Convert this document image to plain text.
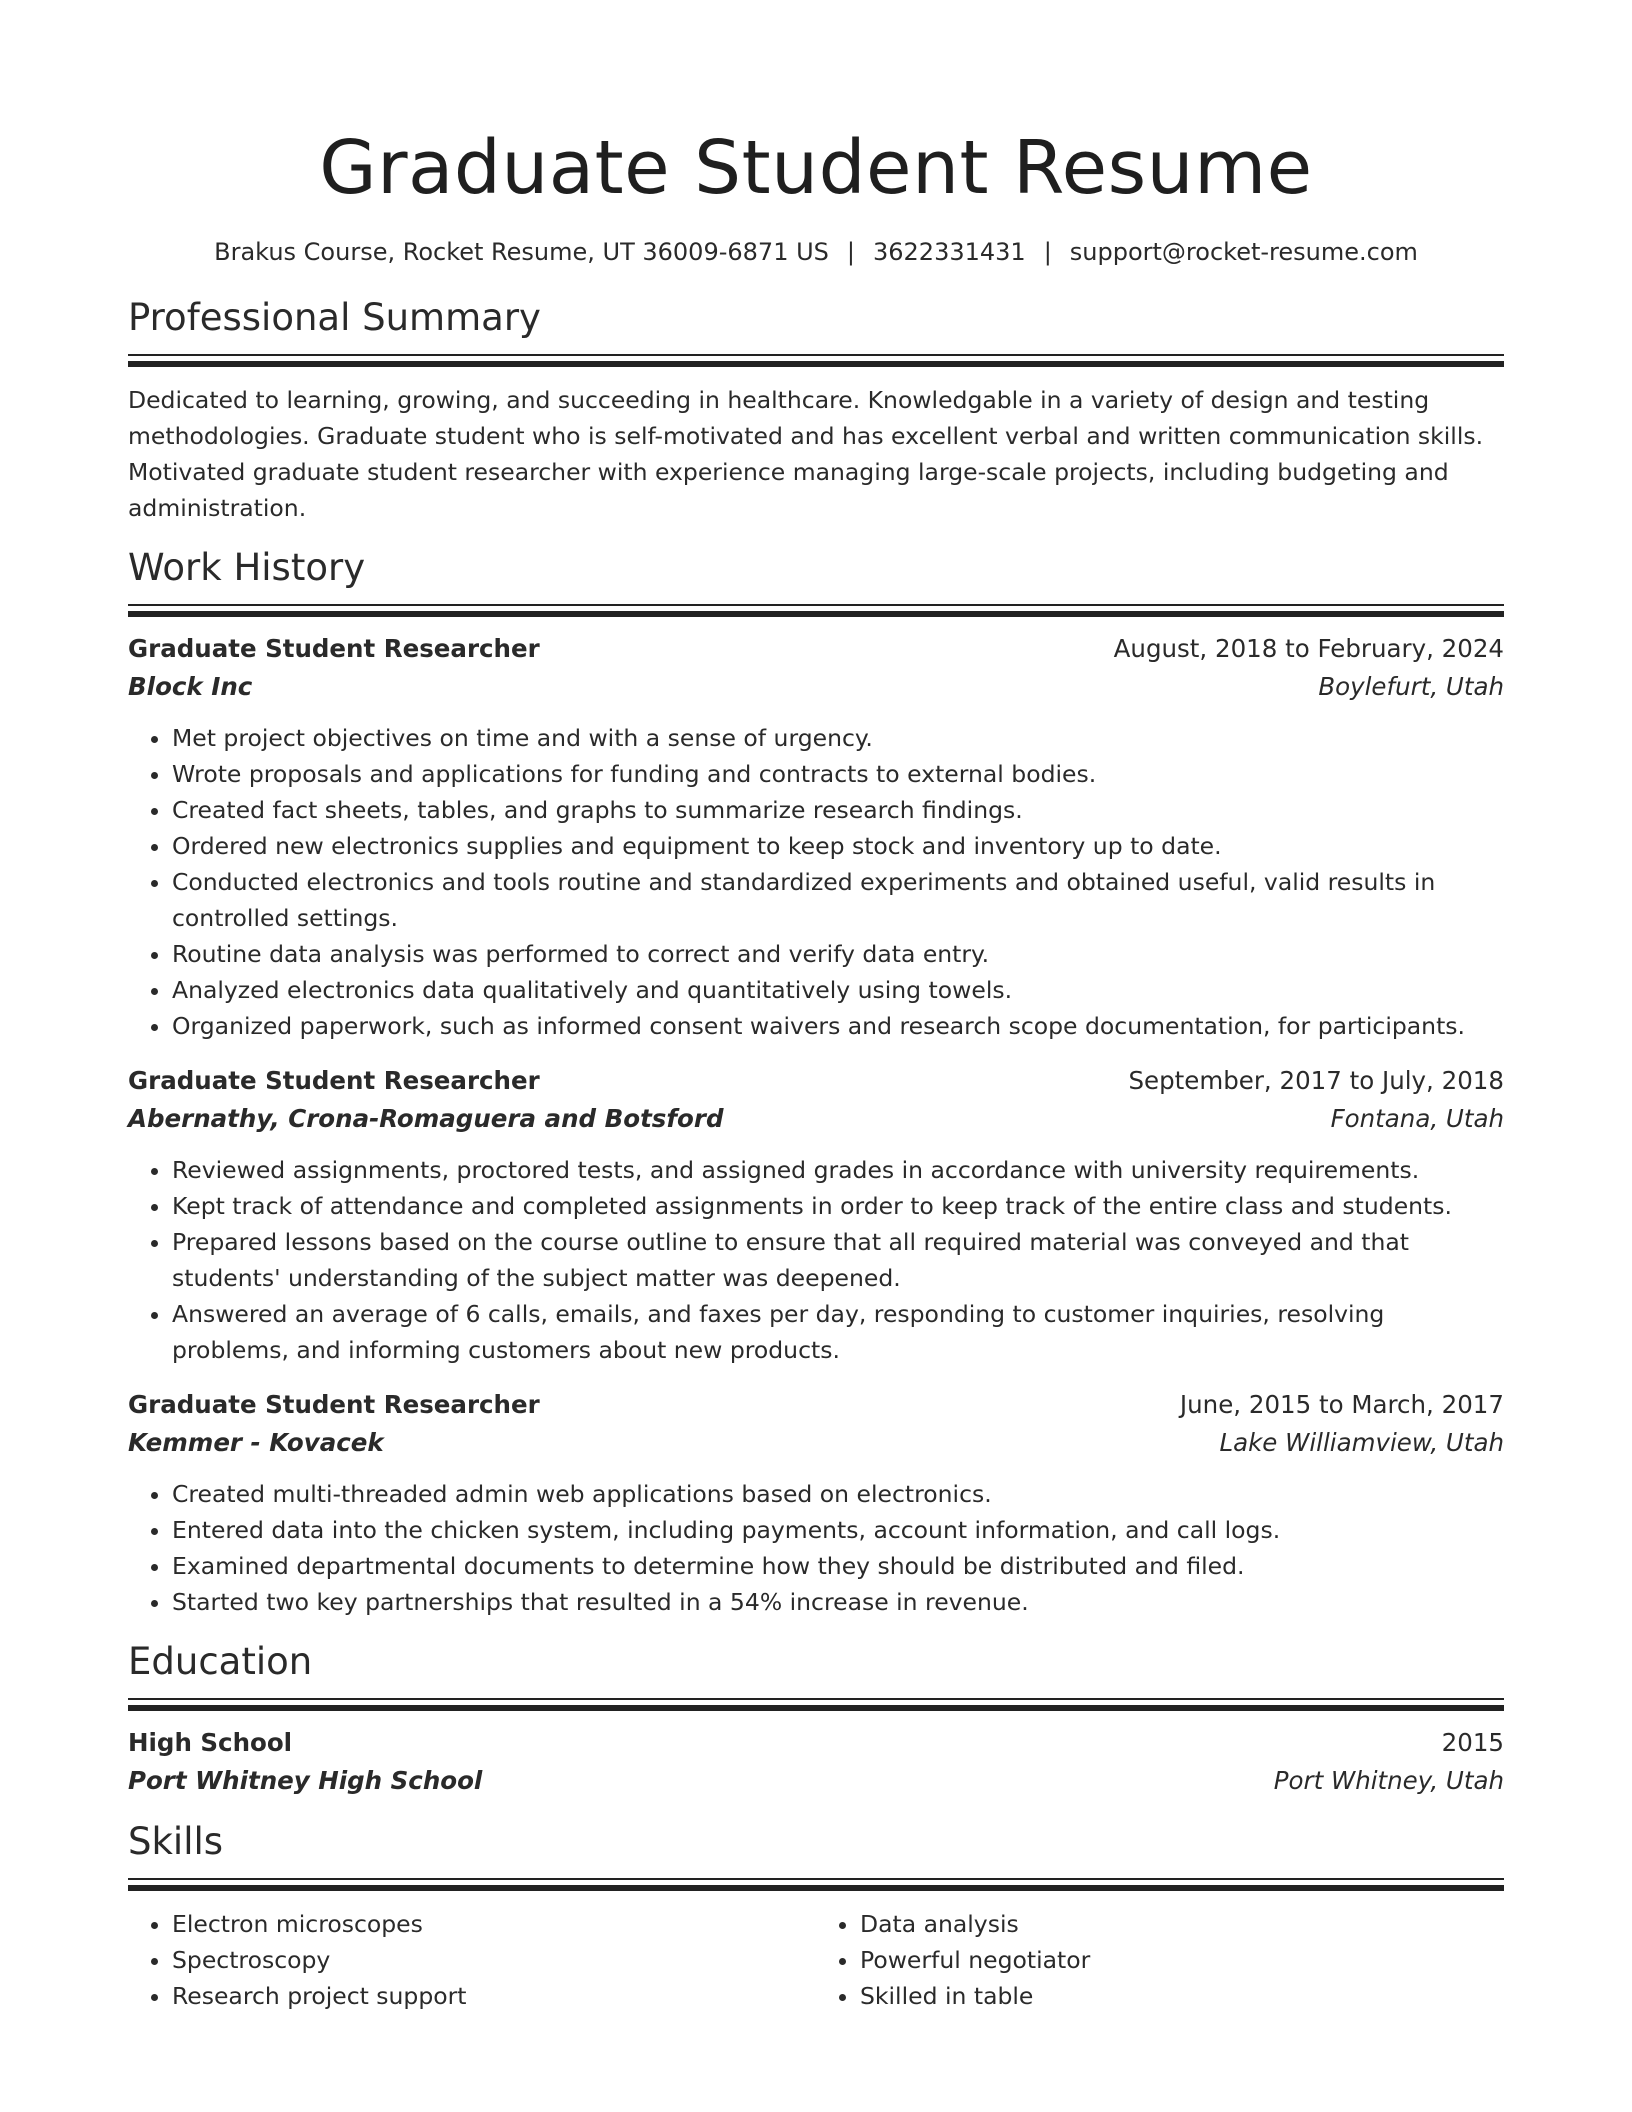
Graduate Student Resume
Brakus Course, Rocket Resume, UT 36009-6871 US | 3622331431 | support@rocket-resume.com
Professional Summary
Dedicated to learning, growing, and succeeding in healthcare. Knowledgable in a variety of design and testing methodologies. Graduate student who is self-motivated and has excellent verbal and written communication skills. Motivated graduate student researcher with experience managing large-scale projects, including budgeting and administration.
Work History
Graduate Student Researcher	August, 2018 to February, 2024
Block Inc	Boylefurt, Utah
• Met project objectives on time and with a sense of urgency.
• Wrote proposals and applications for funding and contracts to external bodies.
• Created fact sheets, tables, and graphs to summarize research findings.
• Ordered new electronics supplies and equipment to keep stock and inventory up to date.
• Conducted electronics and tools routine and standardized experiments and obtained useful, valid results in controlled settings.
• Routine data analysis was performed to correct and verify data entry.
• Analyzed electronics data qualitatively and quantitatively using towels.
• Organized paperwork, such as informed consent waivers and research scope documentation, for participants.
Graduate Student Researcher	September, 2017 to July, 2018
Abernathy, Crona-Romaguera and Botsford	Fontana, Utah
• Reviewed assignments, proctored tests, and assigned grades in accordance with university requirements.
• Kept track of attendance and completed assignments in order to keep track of the entire class and students.
• Prepared lessons based on the course outline to ensure that all required material was conveyed and that students' understanding of the subject matter was deepened.
• Answered an average of 6 calls, emails, and faxes per day, responding to customer inquiries, resolving problems, and informing customers about new products.
Graduate Student Researcher	June, 2015 to March, 2017
Kemmer - Kovacek	Lake Williamview, Utah
• Created multi-threaded admin web applications based on electronics.
• Entered data into the chicken system, including payments, account information, and call logs.
• Examined departmental documents to determine how they should be distributed and filed.
• Started two key partnerships that resulted in a 54% increase in revenue.
Education
High School	2015
Port Whitney High School	Port Whitney, Utah
Skills
• Electron microscopes
• Spectroscopy
• Research project support
• Data analysis
• Powerful negotiator
• Skilled in table
